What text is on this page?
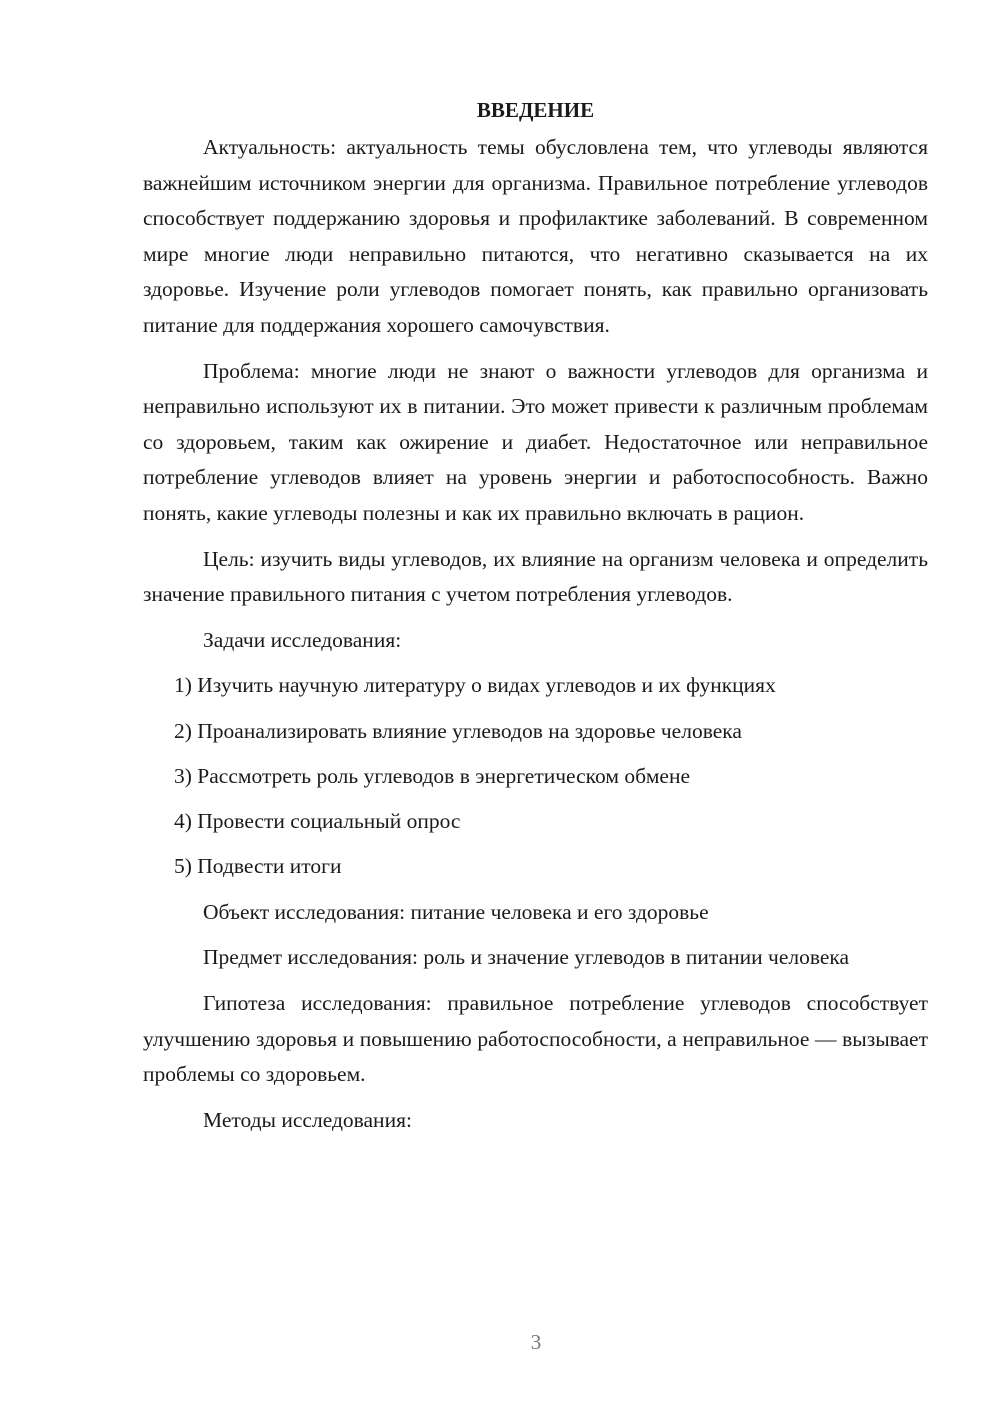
ВВЕДЕНИЕ

Актуальность: актуальность темы обусловлена тем, что углеводы являются важнейшим источником энергии для организма. Правильное потребление углеводов способствует поддержанию здоровья и профилактике заболеваний. В современном мире многие люди неправильно питаются, что негативно сказывается на их здоровье. Изучение роли углеводов помогает понять, как правильно организовать питание для поддержания хорошего самочувствия.

Проблема: многие люди не знают о важности углеводов для организма и неправильно используют их в питании. Это может привести к различным проблемам со здоровьем, таким как ожирение и диабет. Недостаточное или неправильное потребление углеводов влияет на уровень энергии и работоспособность. Важно понять, какие углеводы полезны и как их правильно включать в рацион.

Цель: изучить виды углеводов, их влияние на организм человека и определить значение правильного питания с учетом потребления углеводов.

Задачи исследования:

1) Изучить научную литературу о видах углеводов и их функциях
2) Проанализировать влияние углеводов на здоровье человека
3) Рассмотреть роль углеводов в энергетическом обмене
4) Провести социальный опрос
5) Подвести итоги

Объект исследования: питание человека и его здоровье

Предмет исследования: роль и значение углеводов в питании человека

Гипотеза исследования: правильное потребление углеводов способствует улучшению здоровья и повышению работоспособности, а неправильное — вызывает проблемы со здоровьем.

Методы исследования:

3
